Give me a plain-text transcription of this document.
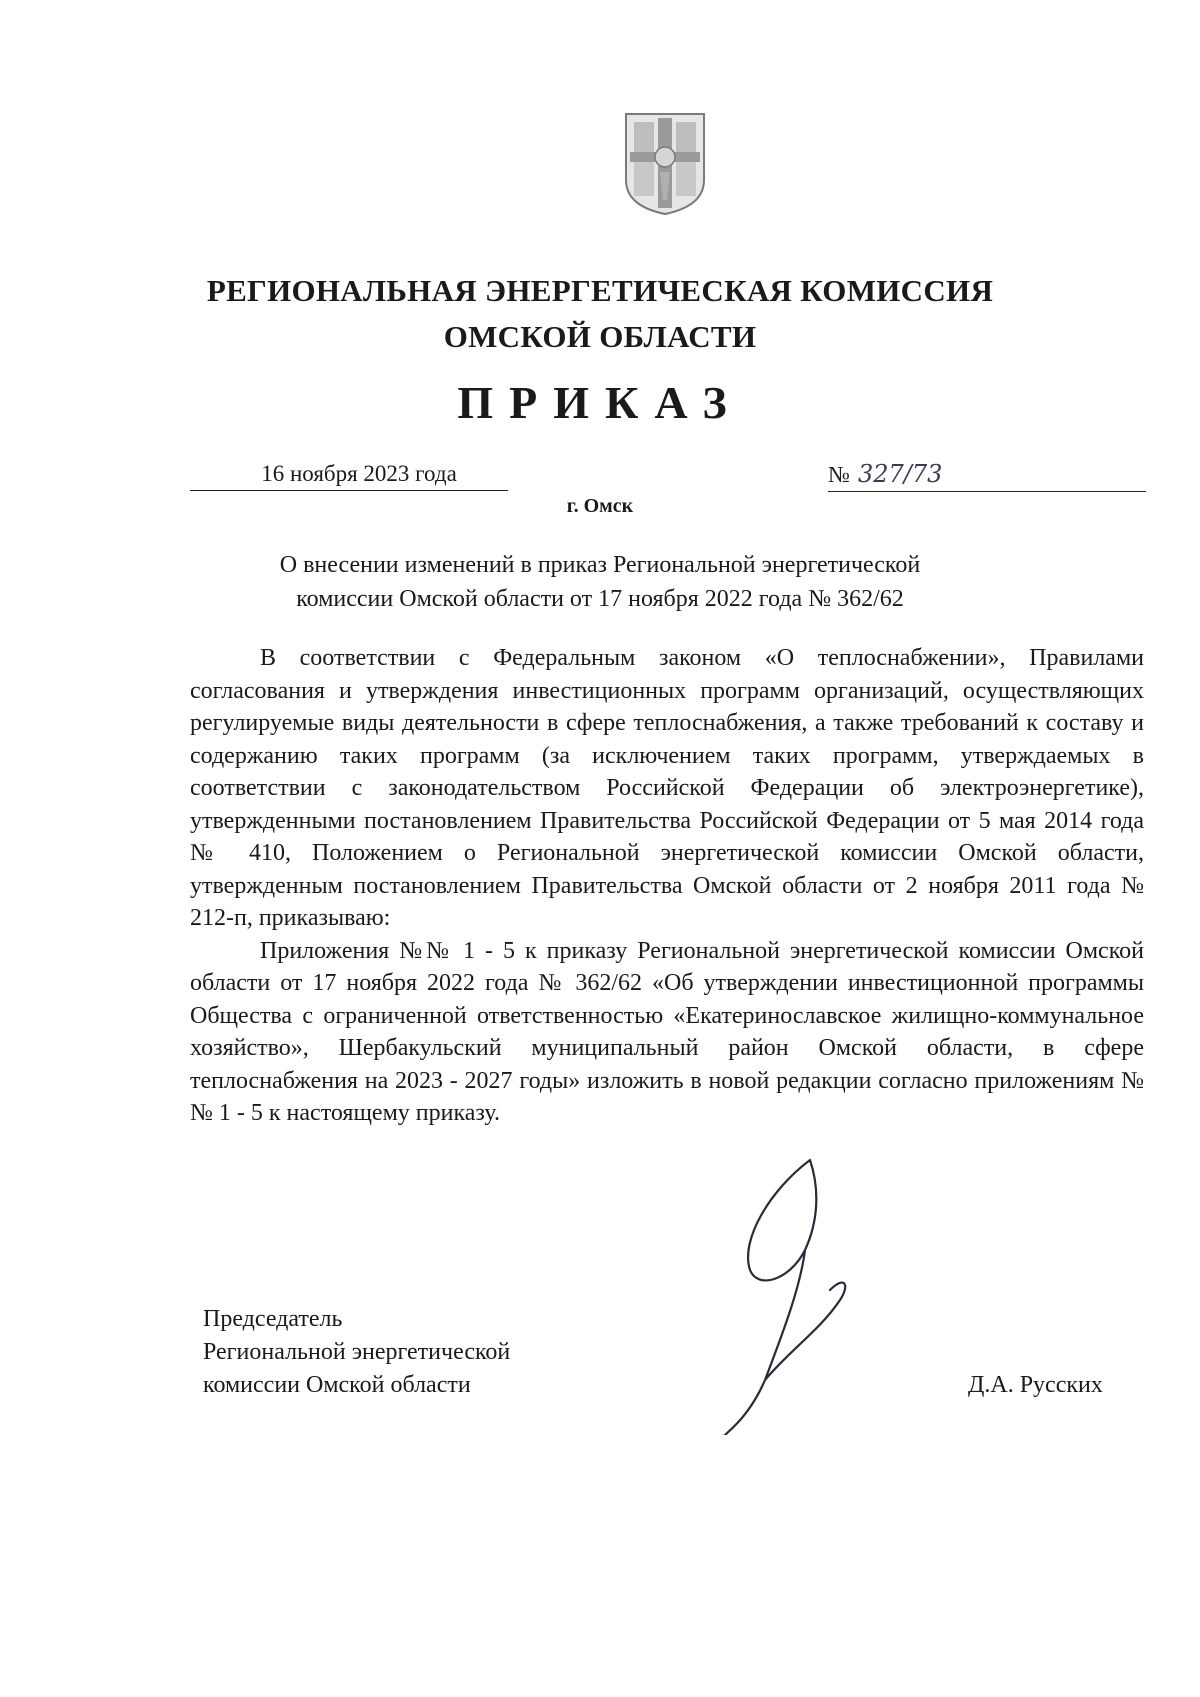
РЕГИОНАЛЬНАЯ ЭНЕРГЕТИЧЕСКАЯ КОМИССИЯ
ОМСКОЙ ОБЛАСТИ
ПРИКАЗ
16 ноября 2023 года	№ 327/73
г. Омск
О внесении изменений в приказ Региональной энергетической
комиссии Омской области от 17 ноября 2022 года № 362/62

В соответствии с Федеральным законом «О теплоснабжении», Правилами согласования и утверждения инвестиционных программ организаций, осуществляющих регулируемые виды деятельности в сфере теплоснабжения, а также требований к составу и содержанию таких программ (за исключением таких программ, утверждаемых в соответствии с законодательством Российской Федерации об электроэнергетике), утвержденными постановлением Правительства Российской Федерации от 5 мая 2014 года № 410, Положением о Региональной энергетической комиссии Омской области, утвержденным постановлением Правительства Омской области от 2 ноября 2011 года № 212-п, приказываю:

Приложения №№ 1 - 5 к приказу Региональной энергетической комиссии Омской области от 17 ноября 2022 года № 362/62 «Об утверждении инвестиционной программы Общества с ограниченной ответственностью «Екатеринославское жилищно-коммунальное хозяйство», Шербакульский муниципальный район Омской области, в сфере теплоснабжения на 2023 - 2027 годы» изложить в новой редакции согласно приложениям №№ 1 - 5 к настоящему приказу.

Председатель
Региональной энергетической
комиссии Омской области	Д.А. Русских
